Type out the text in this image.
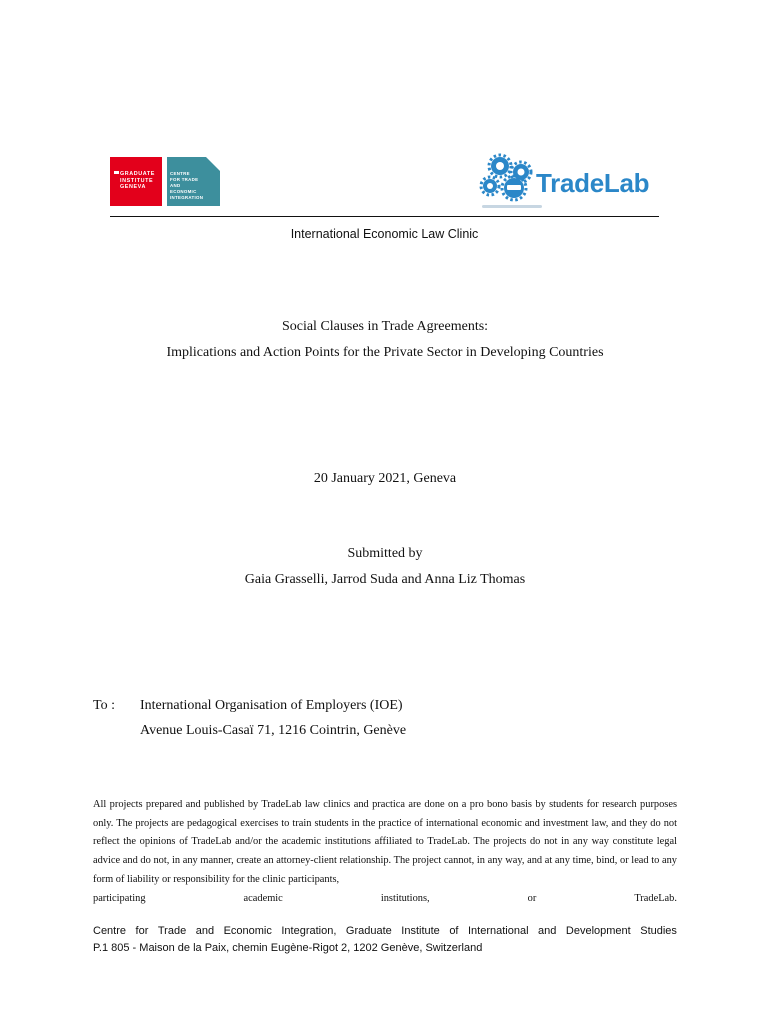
GRADUATE
INSTITUTE
GENEVA
CENTRE
FOR TRADE
AND
ECONOMIC
INTEGRATION	TradeLab
International Economic Law Clinic
Social Clauses in Trade Agreements:
Implications and Action Points for the Private Sector in Developing Countries
20 January 2021, Geneva
Submitted by
Gaia Grasselli, Jarrod Suda and Anna Liz Thomas
To : International Organisation of Employers (IOE)
Avenue Louis-Casaï 71, 1216 Cointrin, Genève
All projects prepared and published by TradeLab law clinics and practica are done on a pro bono basis by students for research purposes only. The projects are pedagogical exercises to train students in the practice of international economic and investment law, and they do not reflect the opinions of TradeLab and/or the academic institutions affiliated to TradeLab. The projects do not in any way constitute legal advice and do not, in any manner, create an attorney-client relationship. The project cannot, in any way, and at any time, bind, or lead to any form of liability or responsibility for the clinic participants,
participating	academic	institutions,	or	TradeLab.
Centre for Trade and Economic Integration, Graduate Institute of International and Development Studies
P.1 805 - Maison de la Paix, chemin Eugène-Rigot 2, 1202 Genève, Switzerland
